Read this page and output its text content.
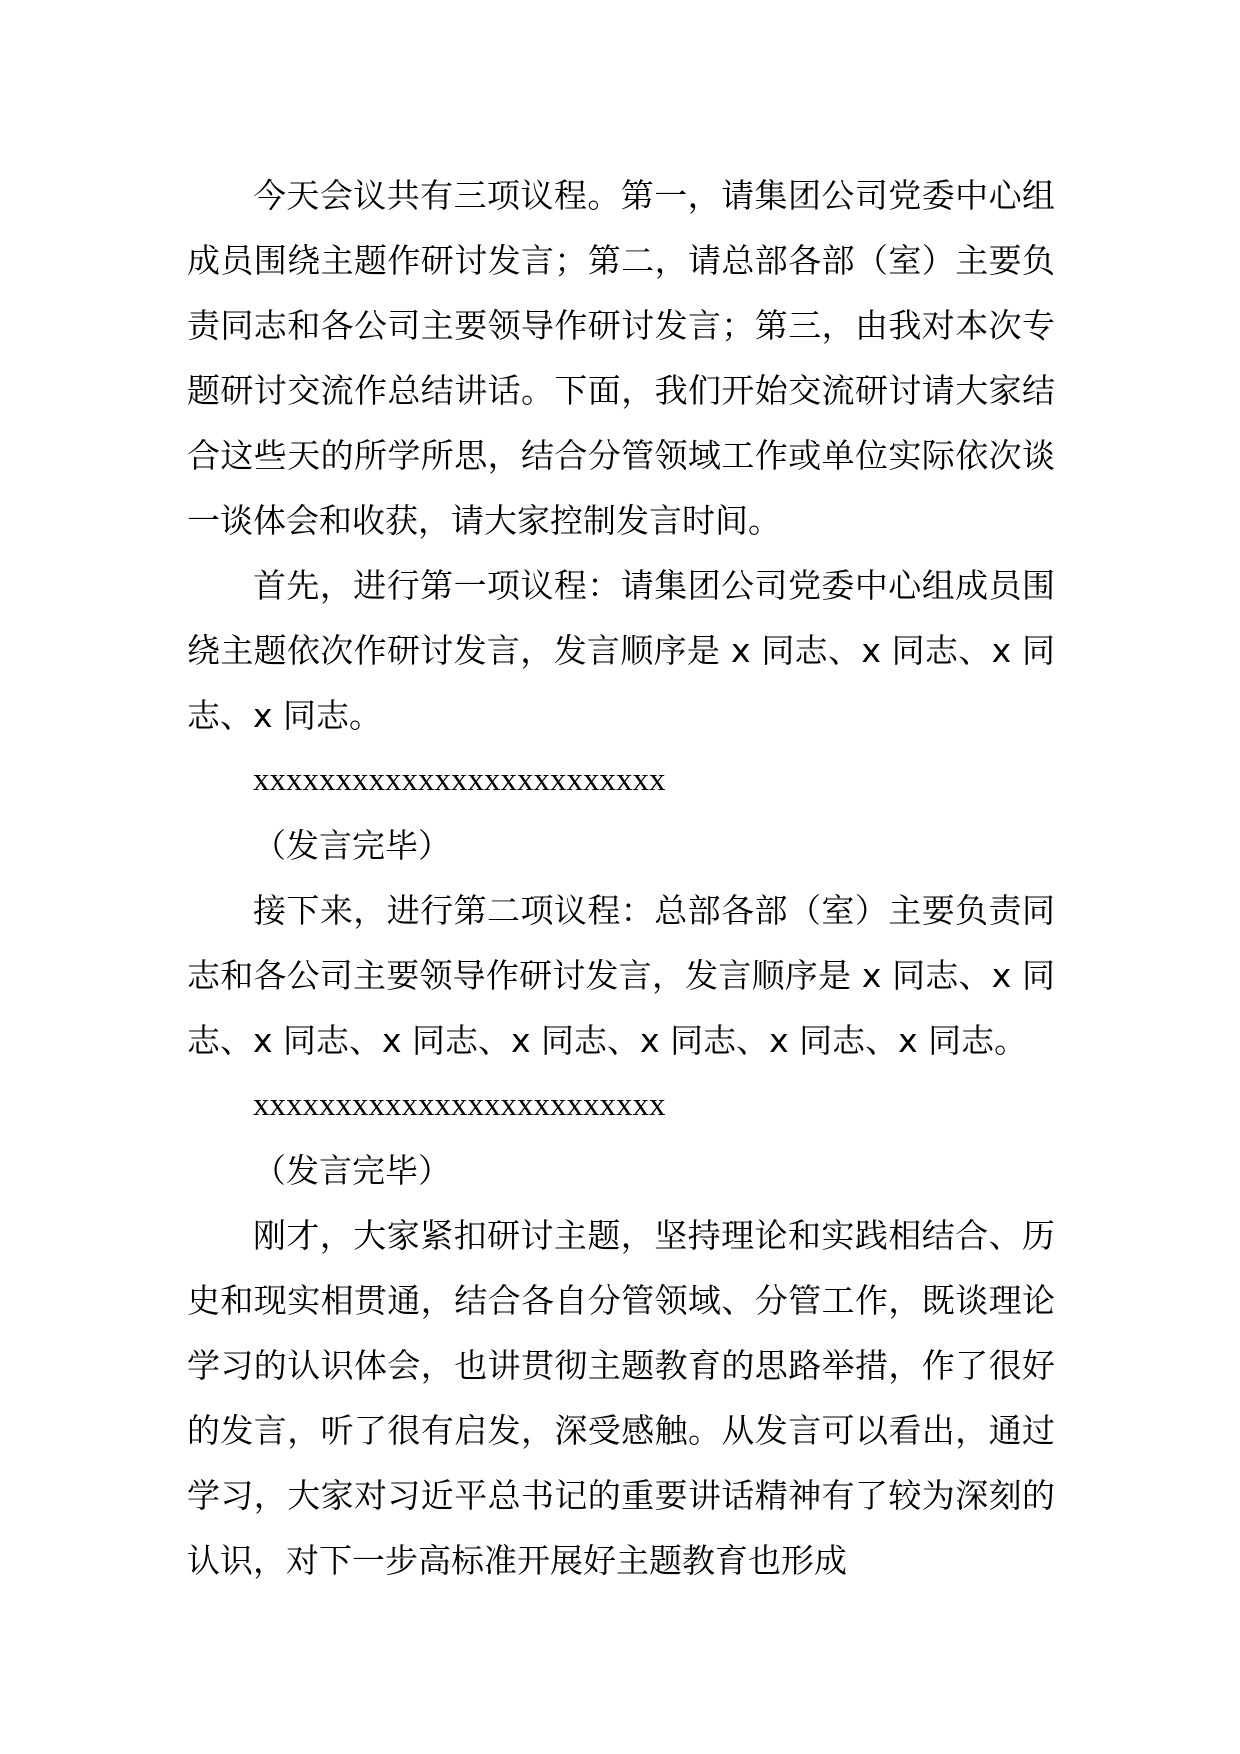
今天会议共有三项议程。第一，请集团公司党委中心组成员围绕主题作研讨发言；第二，请总部各部（室）主要负责同志和各公司主要领导作研讨发言；第三，由我对本次专题研讨交流作总结讲话。下面，我们开始交流研讨请大家结合这些天的所学所思，结合分管领域工作或单位实际依次谈一谈体会和收获，请大家控制发言时间。

首先，进行第一项议程：请集团公司党委中心组成员围绕主题依次作研讨发言，发言顺序是 x 同志、x 同志、x 同志、x 同志。

xxxxxxxxxxxxxxxxxxxxxxxxx

（发言完毕）

接下来，进行第二项议程：总部各部（室）主要负责同志和各公司主要领导作研讨发言，发言顺序是 x 同志、x 同志、x 同志、x 同志、x 同志、x 同志、x 同志、x 同志。

xxxxxxxxxxxxxxxxxxxxxxxxx

（发言完毕）

刚才，大家紧扣研讨主题，坚持理论和实践相结合、历史和现实相贯通，结合各自分管领域、分管工作，既谈理论学习的认识体会，也讲贯彻主题教育的思路举措，作了很好的发言，听了很有启发，深受感触。从发言可以看出，通过学习，大家对习近平总书记的重要讲话精神有了较为深刻的认识，对下一步高标准开展好主题教育也形成
